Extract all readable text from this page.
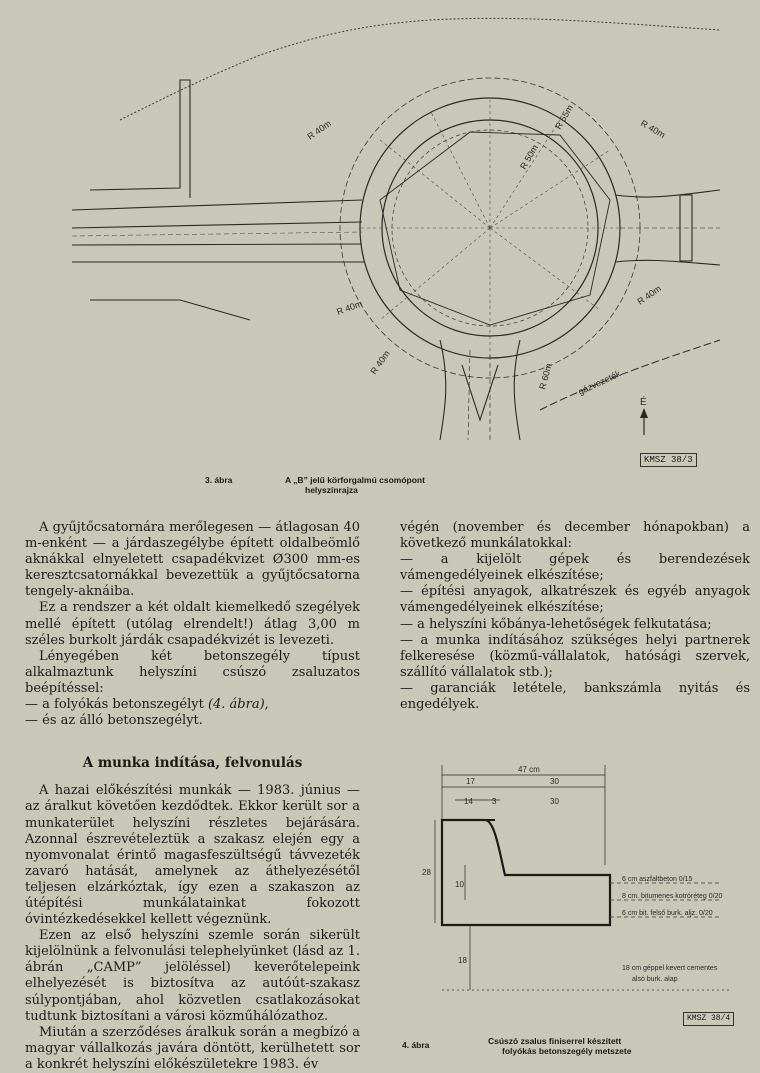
R 40m	R 40m
R 40m
R 40m
R 40m
R 50m
R 55m
R 60m	gázvezeték
É
KMSZ 38/3
3. ábra	A „B” jelű körforgalmú csomópont
helyszínrajza

A gyűjtőcsatornára merőlegesen — átlagosan 40 m-enként — a járdaszegélybe épített oldalbeömlő aknákkal elnyeletett csapadékvizet Ø300 mm-es keresztcsatornákkal bevezettük a gyűjtőcsatorna tengely-aknáiba.

Ez a rendszer a két oldalt kiemelkedő szegélyek mellé épített (utólag elrendelt!) átlag 3,00 m széles burkolt járdák csapadékvizét is levezeti.

Lényegében két betonszegély típust alkalmaztunk helyszíni csúszó zsaluzatos beépítéssel:

— a folyókás betonszegélyt (4. ábra),

— és az álló betonszegélyt.

A munka indítása, felvonulás

A hazai előkészítési munkák — 1983. június — az áralkut követően kezdődtek. Ekkor került sor a munkaterület helyszíni részletes bejárására. Azonnal észrevételeztük a szakasz elején egy a nyomvonalat érintő magasfeszültségű távvezeték zavaró hatását, amelynek az áthelyezésétől teljesen elzárkóztak, így ezen a szakaszon az útépítési munkálatainkat fokozott óvintézkedésekkel kellett végeznünk.

Ezen az első helyszíni szemle során sikerült kijelölnünk a felvonulási telephelyünket (lásd az 1. ábrán „CAMP” jelöléssel) keverőtelepeink elhelyezését is biztosítva az autóút-szakasz súlypontjában, ahol közvetlen csatlakozásokat tudtunk biztosítani a városi közműhálózathoz.

Miután a szerződéses áralkuk során a megbízó a magyar vállalkozás javára döntött, kerülhetett sor a konkrét helyszíni előkészületekre 1983. év

végén (november és december hónapokban) a következő munkálatokkal:

— a kijelölt gépek és berendezések vámengedélyeinek elkészítése;

— építési anyagok, alkatrészek és egyéb anyagok vámengedélyeinek elkészítése;

— a helyszíni kőbánya-lehetőségek felkutatása;

— a munka indításához szükséges helyi partnerek felkeresése (közmű-vállalatok, hatósági szervek, szállító vállalatok stb.);

— garanciák letétele, bankszámla nyitás és engedélyek.

47 cm
17	30
14 3	30
28
10
18
6 cm aszfaltbeton 0/15
8 cm. bitumenes kotróréteg 0/20
6 cm bit. felső burk. aljz. 0/20
18 cm géppel kevert cementes
alsó burk. alap
KMSZ 38/4
4. ábra	Csúszó zsalus finiserrel készített
folyókás betonszegély metszete
